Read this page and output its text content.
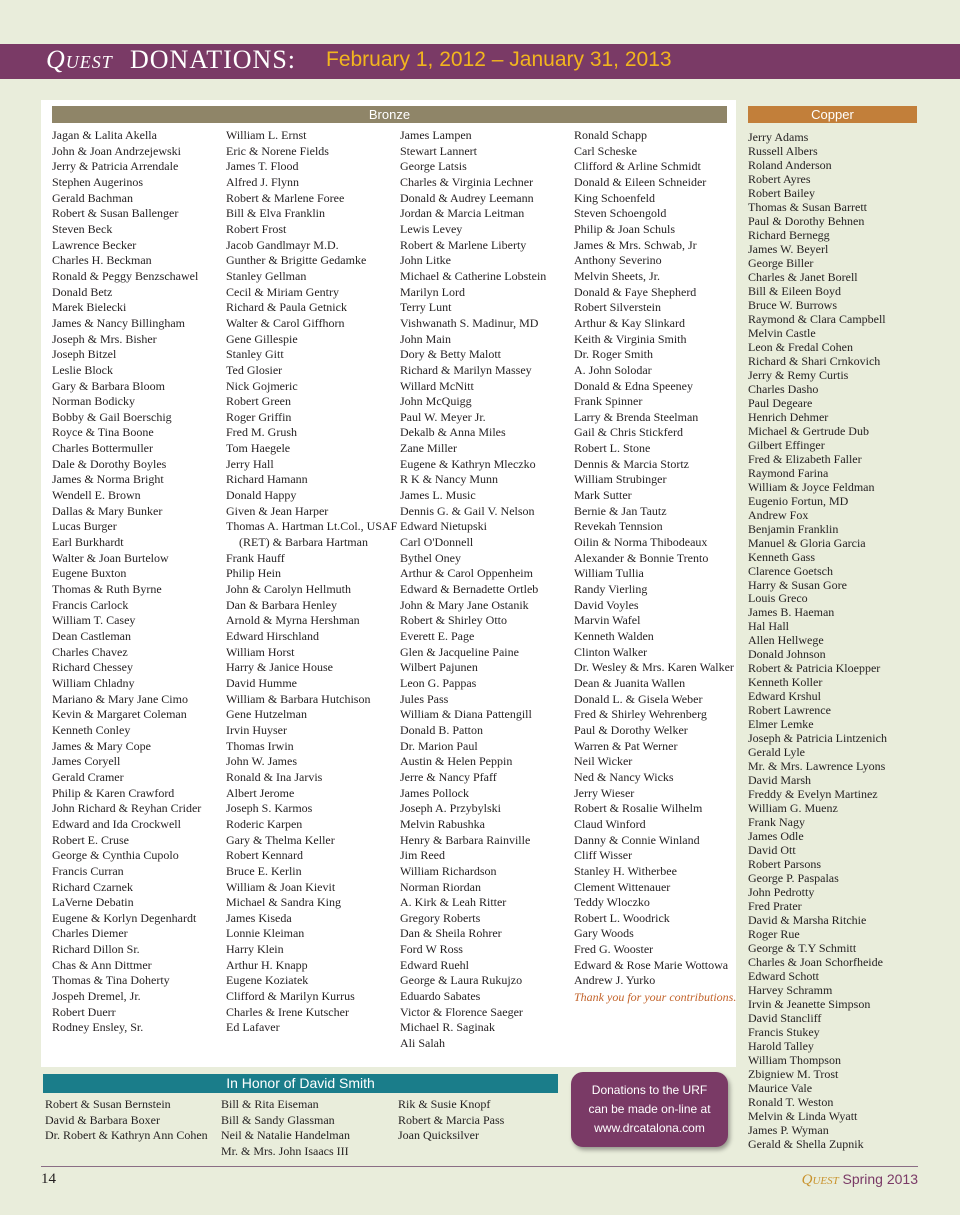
Quest DONATIONS: February 1, 2012 – January 31, 2013
Bronze	Copper
Jagan & Lalita Akella
John & Joan Andrzejewski
Jerry & Patricia Arrendale
Stephen Augerinos
Gerald Bachman
Robert & Susan Ballenger
Steven Beck
Lawrence Becker
Charles H. Beckman
Ronald & Peggy Benzschawel
Donald Betz
Marek Bielecki
James & Nancy Billingham
Joseph & Mrs. Bisher
Joseph Bitzel
Leslie Block
Gary & Barbara Bloom
Norman Bodicky
Bobby & Gail Boerschig
Royce & Tina Boone
Charles Bottermuller
Dale & Dorothy Boyles
James & Norma Bright
Wendell E. Brown
Dallas & Mary Bunker
Lucas Burger
Earl Burkhardt
Walter & Joan Burtelow
Eugene Buxton
Thomas & Ruth Byrne
Francis Carlock
William T. Casey
Dean Castleman
Charles Chavez
Richard Chessey
William Chladny
Mariano & Mary Jane Cimo
Kevin & Margaret Coleman
Kenneth Conley
James & Mary Cope
James Coryell
Gerald Cramer
Philip & Karen Crawford
John Richard & Reyhan Crider
Edward and Ida Crockwell
Robert E. Cruse
George & Cynthia Cupolo
Francis Curran
Richard Czarnek
LaVerne Debatin
Eugene & Korlyn Degenhardt
Charles Diemer
Richard Dillon Sr.
Chas & Ann Dittmer
Thomas & Tina Doherty
Jospeh Dremel, Jr.
Robert Duerr
Rodney Ensley, Sr.
William L. Ernst
Eric & Norene Fields
James T. Flood
Alfred J. Flynn
Robert & Marlene Foree
Bill & Elva Franklin
Robert Frost
Jacob Gandlmayr M.D.
Gunther & Brigitte Gedamke
Stanley Gellman
Cecil & Miriam Gentry
Richard & Paula Getnick
Walter & Carol Giffhorn
Gene Gillespie
Stanley Gitt
Ted Glosier
Nick Gojmeric
Robert Green
Roger Griffin
Fred M. Grush
Tom Haegele
Jerry Hall
Richard Hamann
Donald Happy
Given & Jean Harper
Thomas A. Hartman Lt.Col., USAF (RET) & Barbara Hartman
Frank Hauff
Philip Hein
John & Carolyn Hellmuth
Dan & Barbara Henley
Arnold & Myrna Hershman
Edward Hirschland
William Horst
Harry & Janice House
David Humme
William & Barbara Hutchison
Gene Hutzelman
Irvin Huyser
Thomas Irwin
John W. James
Ronald & Ina Jarvis
Albert Jerome
Joseph S. Karmos
Roderic Karpen
Gary & Thelma Keller
Robert Kennard
Bruce E. Kerlin
William & Joan Kievit
Michael & Sandra King
James Kiseda
Lonnie Kleiman
Harry Klein
Arthur H. Knapp
Eugene Koziatek
Clifford & Marilyn Kurrus
Charles & Irene Kutscher
Ed Lafaver
James Lampen
Stewart Lannert
George Latsis
Charles & Virginia Lechner
Donald & Audrey Leemann
Jordan & Marcia Leitman
Lewis Levey
Robert & Marlene Liberty
John Litke
Michael & Catherine Lobstein
Marilyn Lord
Terry Lunt
Vishwanath S. Madinur, MD
John Main
Dory & Betty Malott
Richard & Marilyn Massey
Willard McNitt
John McQuigg
Paul W. Meyer Jr.
Dekalb & Anna Miles
Zane Miller
Eugene & Kathryn Mleczko
R K & Nancy Munn
James L. Music
Dennis G. & Gail V. Nelson
Edward Nietupski
Carl O'Donnell
Bythel Oney
Arthur & Carol Oppenheim
Edward & Bernadette Ortleb
John & Mary Jane Ostanik
Robert & Shirley Otto
Everett E. Page
Glen & Jacqueline Paine
Wilbert Pajunen
Leon G. Pappas
Jules Pass
William & Diana Pattengill
Donald B. Patton
Dr. Marion Paul
Austin & Helen Peppin
Jerre & Nancy Pfaff
James Pollock
Joseph A. Przybylski
Melvin Rabushka
Henry & Barbara Rainville
Jim Reed
William Richardson
Norman Riordan
A. Kirk & Leah Ritter
Gregory Roberts
Dan & Sheila Rohrer
Ford W Ross
Edward Ruehl
George & Laura Rukujzo
Eduardo Sabates
Victor & Florence Saeger
Michael R. Saginak
Ali Salah
Ronald Schapp
Carl Scheske
Clifford & Arline Schmidt
Donald & Eileen Schneider
King Schoenfeld
Steven Schoengold
Philip & Joan Schuls
James & Mrs. Schwab, Jr
Anthony Severino
Melvin Sheets, Jr.
Donald & Faye Shepherd
Robert Silverstein
Arthur & Kay Slinkard
Keith & Virginia Smith
Dr. Roger Smith
A. John Solodar
Donald & Edna Speeney
Frank Spinner
Larry & Brenda Steelman
Gail & Chris Stickferd
Robert L. Stone
Dennis & Marcia Stortz
William Strubinger
Mark Sutter
Bernie & Jan Tautz
Revekah Tennsion
Oilin & Norma Thibodeaux
Alexander & Bonnie Trento
William Tullia
Randy Vierling
David Voyles
Marvin Wafel
Kenneth Walden
Clinton Walker
Dr. Wesley & Mrs. Karen Walker
Dean & Juanita Wallen
Donald L. & Gisela Weber
Fred & Shirley Wehrenberg
Paul & Dorothy Welker
Warren & Pat Werner
Neil Wicker
Ned & Nancy Wicks
Jerry Wieser
Robert & Rosalie Wilhelm
Claud Winford
Danny & Connie Winland
Cliff Wisser
Stanley H. Witherbee
Clement Wittenauer
Teddy Wloczko
Robert L. Woodrick
Gary Woods
Fred G. Wooster
Edward & Rose Marie Wottowa
Andrew J. Yurko
Thank you for your contributions.
Jerry Adams
Russell Albers
Roland Anderson
Robert Ayres
Robert Bailey
Thomas & Susan Barrett
Paul & Dorothy Behnen
Richard Bernegg
James W. Beyerl
George Biller
Charles & Janet Borell
Bill & Eileen Boyd
Bruce W. Burrows
Raymond & Clara Campbell
Melvin Castle
Leon & Fredal Cohen
Richard & Shari Crnkovich
Jerry & Remy Curtis
Charles Dasho
Paul Degeare
Henrich Dehmer
Michael & Gertrude Dub
Gilbert Effinger
Fred & Elizabeth Faller
Raymond Farina
William & Joyce Feldman
Eugenio Fortun, MD
Andrew Fox
Benjamin Franklin
Manuel & Gloria Garcia
Kenneth Gass
Clarence Goetsch
Harry & Susan Gore
Louis Greco
James B. Haeman
Hal Hall
Allen Hellwege
Donald Johnson
Robert & Patricia Kloepper
Kenneth Koller
Edward Krshul
Robert Lawrence
Elmer Lemke
Joseph & Patricia Lintzenich
Gerald Lyle
Mr. & Mrs. Lawrence Lyons
David Marsh
Freddy & Evelyn Martinez
William G. Muenz
Frank Nagy
James Odle
David Ott
Robert Parsons
George P. Paspalas
John Pedrotty
Fred Prater
David & Marsha Ritchie
Roger Rue
George & T.Y Schmitt
Charles & Joan Schorfheide
Edward Schott
Harvey Schramm
Irvin & Jeanette Simpson
David Stancliff
Francis Stukey
Harold Talley
William Thompson
Zbigniew M. Trost
Maurice Vale
Ronald T. Weston
Melvin & Linda Wyatt
James P. Wyman
Gerald & Shella Zupnik
In Honor of David Smith
Robert & Susan Bernstein
David & Barbara Boxer
Dr. Robert & Kathryn Ann Cohen
Bill & Rita Eiseman
Bill & Sandy Glassman
Neil & Natalie Handelman
Mr. & Mrs. John Isaacs III
Rik & Susie Knopf
Robert & Marcia Pass
Joan Quicksilver
Donations to the URF
can be made on-line at
www.drcatalona.com
14	Quest Spring 2013
